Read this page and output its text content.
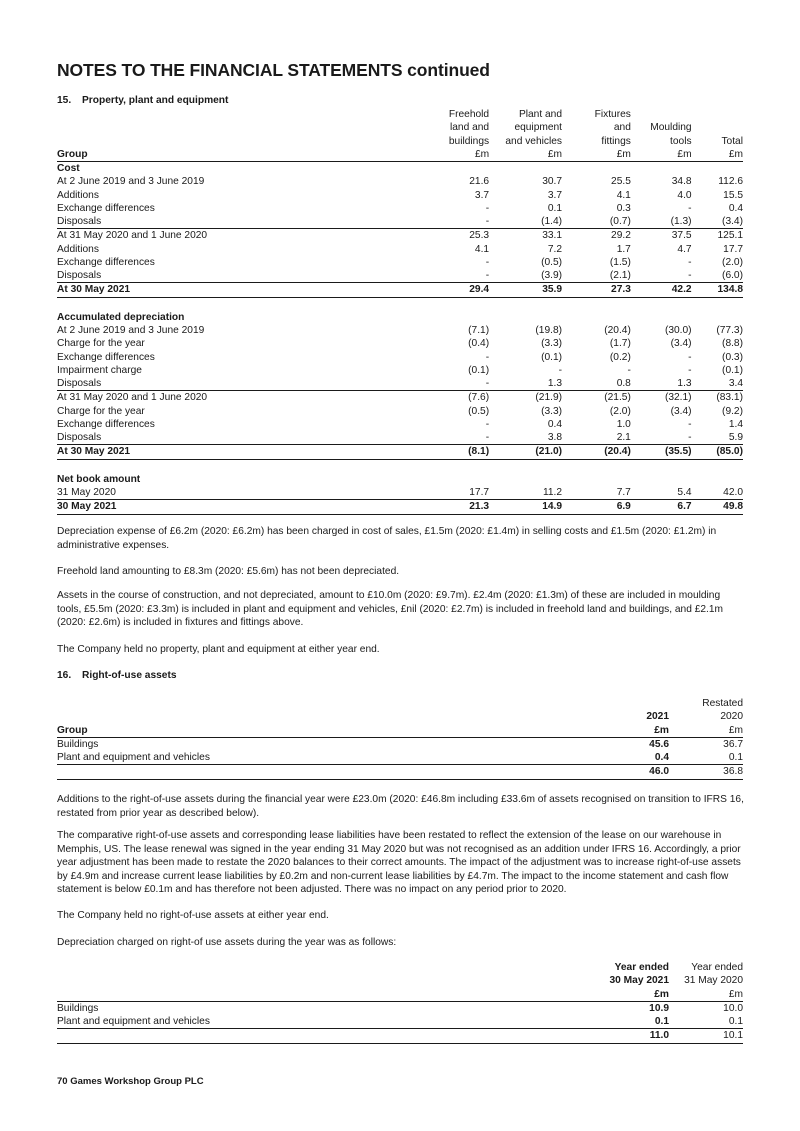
NOTES TO THE FINANCIAL STATEMENTS continued

15. Property, plant and equipment

	Freehold	Plant and	Fixtures		
	land and	equipment	and	Moulding	
	buildings	and vehicles	fittings	tools	Total
Group	£m	£m	£m	£m	£m
Cost					
At 2 June 2019 and 3 June 2019	21.6	30.7	25.5	34.8	112.6
Additions	3.7	3.7	4.1	4.0	15.5
Exchange differences	-	0.1	0.3	-	0.4
Disposals	-	(1.4)	(0.7)	(1.3)	(3.4)
At 31 May 2020 and 1 June 2020	25.3	33.1	29.2	37.5	125.1
Additions	4.1	7.2	1.7	4.7	17.7
Exchange differences	-	(0.5)	(1.5)	-	(2.0)
Disposals	-	(3.9)	(2.1)	-	(6.0)
At 30 May 2021	29.4	35.9	27.3	42.2	134.8

Accumulated depreciation					
At 2 June 2019 and 3 June 2019	(7.1)	(19.8)	(20.4)	(30.0)	(77.3)
Charge for the year	(0.4)	(3.3)	(1.7)	(3.4)	(8.8)
Exchange differences	-	(0.1)	(0.2)	-	(0.3)
Impairment charge	(0.1)	-	-	-	(0.1)
Disposals	-	1.3	0.8	1.3	3.4
At 31 May 2020 and 1 June 2020	(7.6)	(21.9)	(21.5)	(32.1)	(83.1)
Charge for the year	(0.5)	(3.3)	(2.0)	(3.4)	(9.2)
Exchange differences	-	0.4	1.0	-	1.4
Disposals	-	3.8	2.1	-	5.9
At 30 May 2021	(8.1)	(21.0)	(20.4)	(35.5)	(85.0)

Net book amount					
31 May 2020	17.7	11.2	7.7	5.4	42.0
30 May 2021	21.3	14.9	6.9	6.7	49.8

Depreciation expense of £6.2m (2020: £6.2m) has been charged in cost of sales, £1.5m (2020: £1.4m) in selling costs and £1.5m (2020: £1.2m) in administrative expenses.

Freehold land amounting to £8.3m (2020: £5.6m) has not been depreciated.

Assets in the course of construction, and not depreciated, amount to £10.0m (2020: £9.7m). £2.4m (2020: £1.3m) of these are included in moulding tools, £5.5m (2020: £3.3m) is included in plant and equipment and vehicles, £nil (2020: £2.7m) is included in freehold land and buildings, and £2.1m (2020: £2.6m) is included in fixtures and fittings above.

The Company held no property, plant and equipment at either year end.

16. Right-of-use assets

		Restated
	2021	2020
Group	£m	£m
Buildings	45.6	36.7
Plant and equipment and vehicles	0.4	0.1
	46.0	36.8

Additions to the right-of-use assets during the financial year were £23.0m (2020: £46.8m including £33.6m of assets recognised on transition to IFRS 16, restated from prior year as described below).

The comparative right-of-use assets and corresponding lease liabilities have been restated to reflect the extension of the lease on our warehouse in Memphis, US. The lease renewal was signed in the year ending 31 May 2020 but was not recognised as an addition under IFRS 16. Accordingly, a prior year adjustment has been made to restate the 2020 balances to their correct amounts. The impact of the adjustment was to increase right-of-use assets by £4.9m and increase current lease liabilities by £0.2m and non-current lease liabilities by £4.7m. The impact to the income statement and cash flow statement is below £0.1m and has therefore not been adjusted. There was no impact on any period prior to 2020.

The Company held no right-of-use assets at either year end.

Depreciation charged on right-of use assets during the year was as follows:

	Year ended	Year ended
	30 May 2021	31 May 2020
	£m	£m
Buildings	10.9	10.0
Plant and equipment and vehicles	0.1	0.1
	11.0	10.1
70 Games Workshop Group PLC
